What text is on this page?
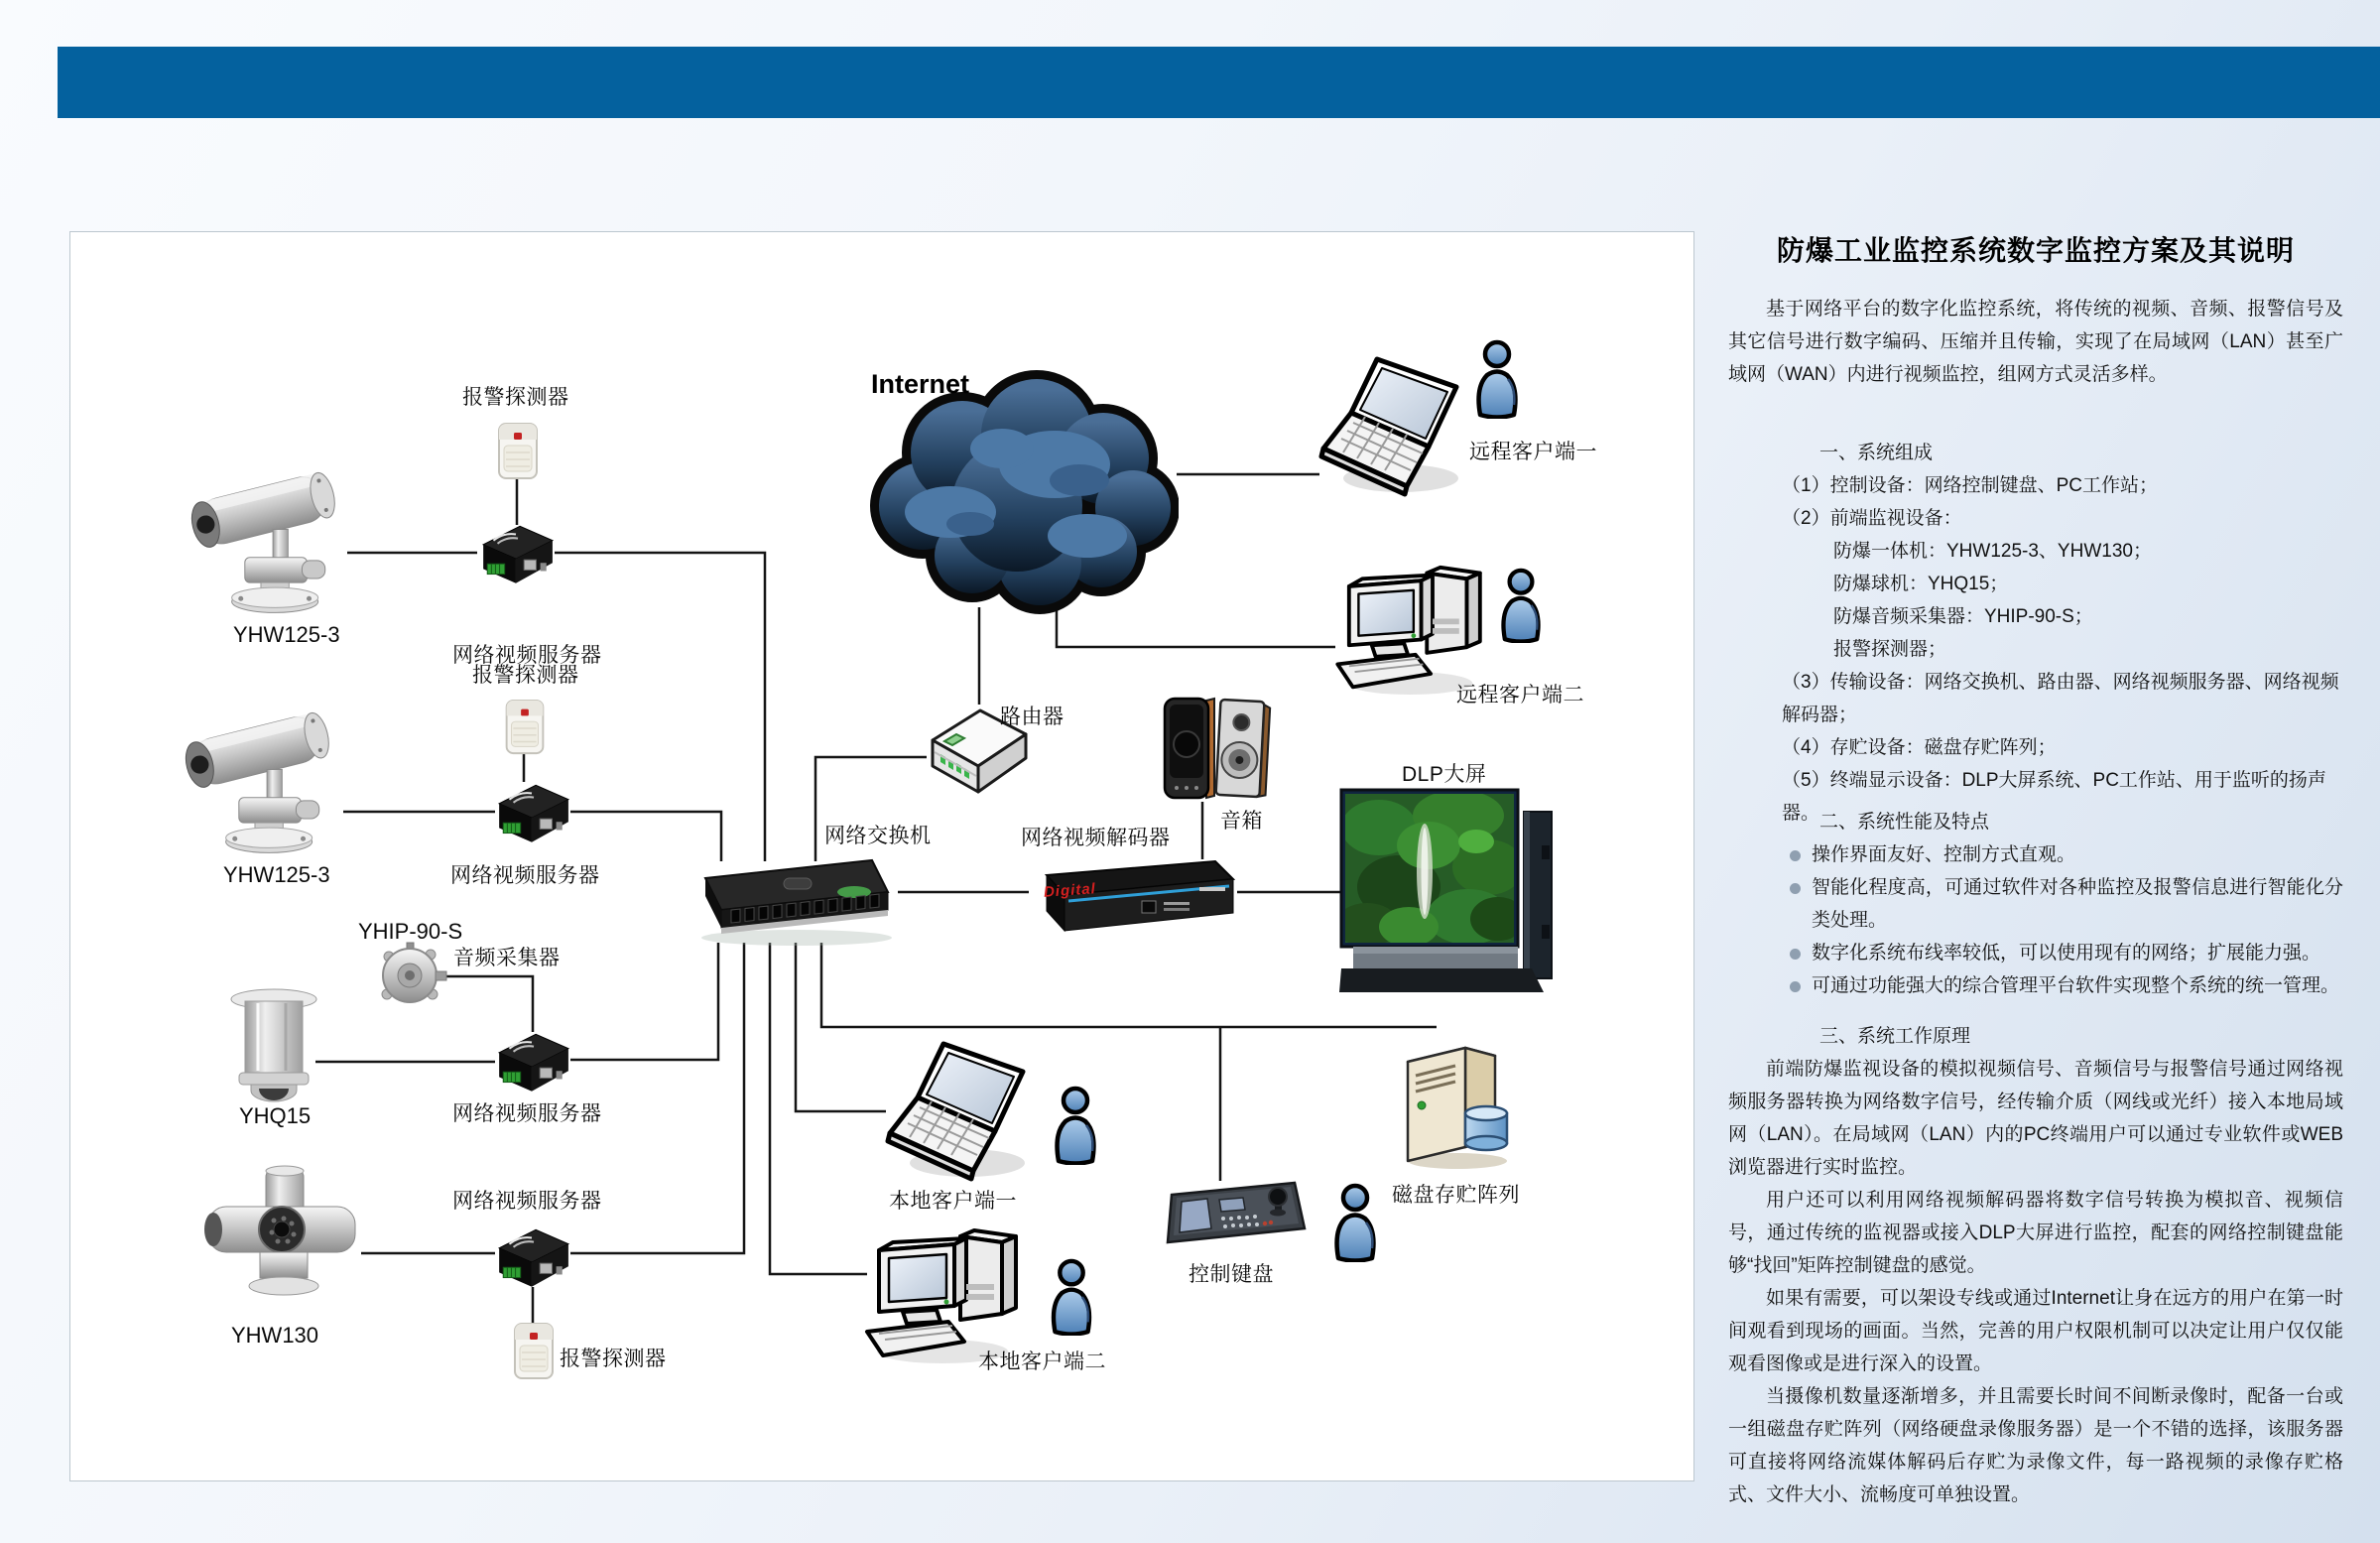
Internet
报警探测器
YHW125-3
网络视频服务器
报警探测器
YHW125-3	网络视频服务器
YHIP-90-S
音频采集器
YHQ15	网络视频服务器
网络视频服务器
YHW130
报警探测器
路由器
网络交换机	网络视频解码器
音箱
DLP大屏
远程客户端一
远程客户端二
本地客户端一
本地客户端二
控制键盘
磁盘存贮阵列
Digital
防爆工业监控系统数字监控方案及其说明
基于网络平台的数字化监控系统，将传统的视频、音频、报警信号及其它信号进行数字编码、压缩并且传输，实现了在局域网（LAN）甚至广域网（WAN）内进行视频监控，组网方式灵活多样。
一、系统组成
（1）控制设备：网络控制键盘、PC工作站；
（2）前端监视设备：
防爆一体机：YHW125-3、YHW130；
防爆球机：YHQ15；
防爆音频采集器：YHIP-90-S；
报警探测器；
（3）传输设备：网络交换机、路由器、网络视频服务器、网络视频解码器；
（4）存贮设备：磁盘存贮阵列；
（5）终端显示设备：DLP大屏系统、PC工作站、用于监听的扬声器。 二、系统性能及特点
操作界面友好、控制方式直观。
智能化程度高，可通过软件对各种监控及报警信息进行智能化分类处理。
数字化系统布线率较低，可以使用现有的网络；扩展能力强。
可通过功能强大的综合管理平台软件实现整个系统的统一管理。
三、系统工作原理

前端防爆监视设备的模拟视频信号、音频信号与报警信号通过网络视频服务器转换为网络数字信号，经传输介质（网线或光纤）接入本地局域网（LAN）。在局域网（LAN）内的PC终端用户可以通过专业软件或WEB浏览器进行实时监控。

用户还可以利用网络视频解码器将数字信号转换为模拟音、视频信号，通过传统的监视器或接入DLP大屏进行监控，配套的网络控制键盘能够“找回”矩阵控制键盘的感觉。

如果有需要，可以架设专线或通过Internet让身在远方的用户在第一时间观看到现场的画面。当然，完善的用户权限机制可以决定让用户仅仅能观看图像或是进行深入的设置。

当摄像机数量逐渐增多，并且需要长时间不间断录像时，配备一台或一组磁盘存贮阵列（网络硬盘录像服务器）是一个不错的选择，该服务器可直接将网络流媒体解码后存贮为录像文件，每一路视频的录像存贮格式、文件大小、流畅度可单独设置。
